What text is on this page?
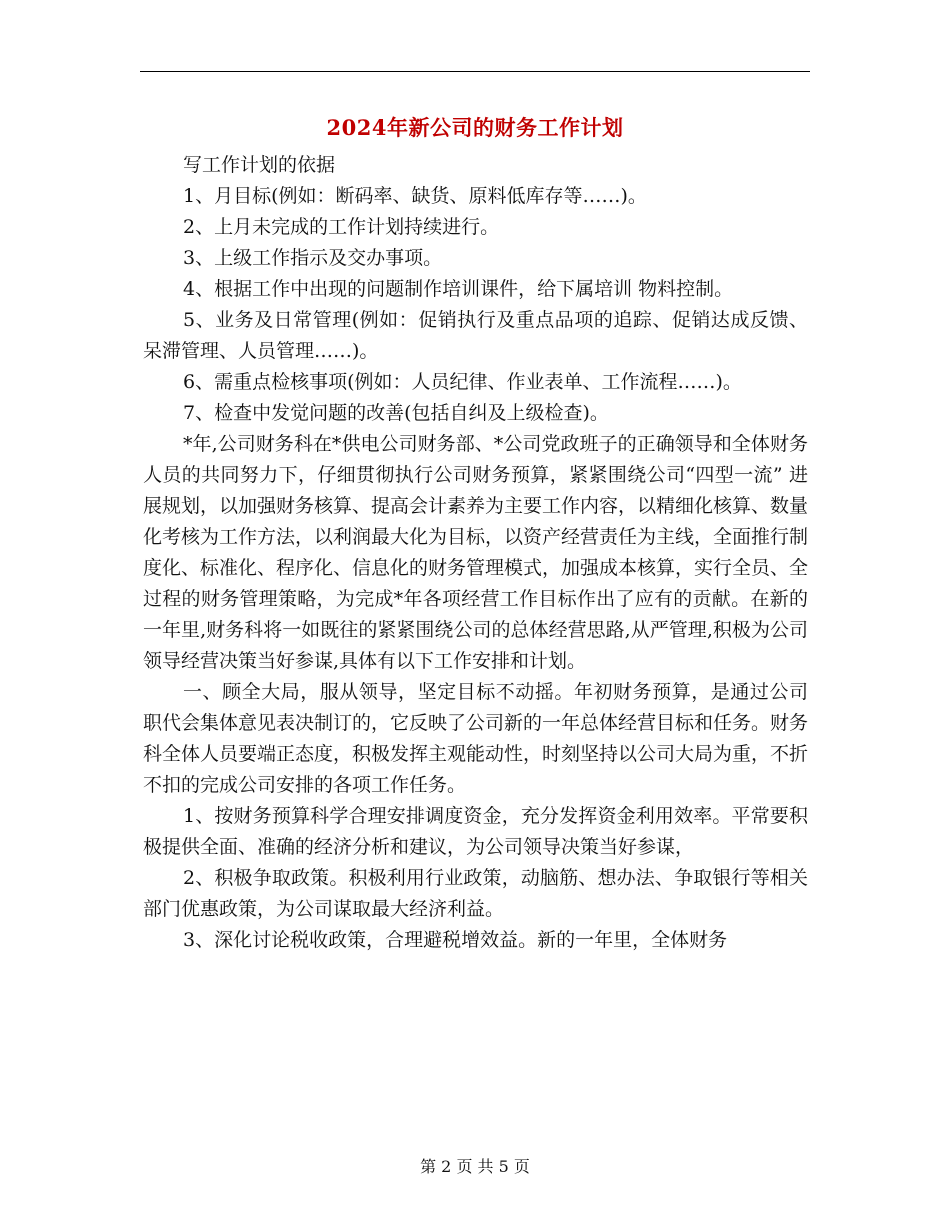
2024年新公司的财务工作计划

写工作计划的依据

1、月目标(例如：断码率、缺货、原料低库存等……)。

2、上月未完成的工作计划持续进行。

3、上级工作指示及交办事项。

4、根据工作中出现的问题制作培训课件，给下属培训 物料控制。

5、业务及日常管理(例如：促销执行及重点品项的追踪、促销达成反馈、呆滞管理、人员管理……)。

6、需重点检核事项(例如：人员纪律、作业表单、工作流程……)。

7、检查中发觉问题的改善(包括自纠及上级检查)。

*年,公司财务科在*供电公司财务部、*公司党政班子的正确领导和全体财务人员的共同努力下，仔细贯彻执行公司财务预算，紧紧围绕公司“四型一流” 进展规划，以加强财务核算、提高会计素养为主要工作内容，以精细化核算、数量化考核为工作方法，以利润最大化为目标，以资产经营责任为主线，全面推行制度化、标准化、程序化、信息化的财务管理模式，加强成本核算，实行全员、全过程的财务管理策略，为完成*年各项经营工作目标作出了应有的贡献。在新的一年里,财务科将一如既往的紧紧围绕公司的总体经营思路,从严管理,积极为公司领导经营决策当好参谋,具体有以下工作安排和计划。

一、顾全大局，服从领导，坚定目标不动摇。年初财务预算，是通过公司职代会集体意见表决制订的，它反映了公司新的一年总体经营目标和任务。财务科全体人员要端正态度，积极发挥主观能动性，时刻坚持以公司大局为重，不折不扣的完成公司安排的各项工作任务。

1、按财务预算科学合理安排调度资金，充分发挥资金利用效率。平常要积极提供全面、准确的经济分析和建议，为公司领导决策当好参谋，

2、积极争取政策。积极利用行业政策，动脑筋、想办法、争取银行等相关部门优惠政策，为公司谋取最大经济利益。

3、深化讨论税收政策，合理避税增效益。新的一年里，全体财务

第 2 页 共 5 页
